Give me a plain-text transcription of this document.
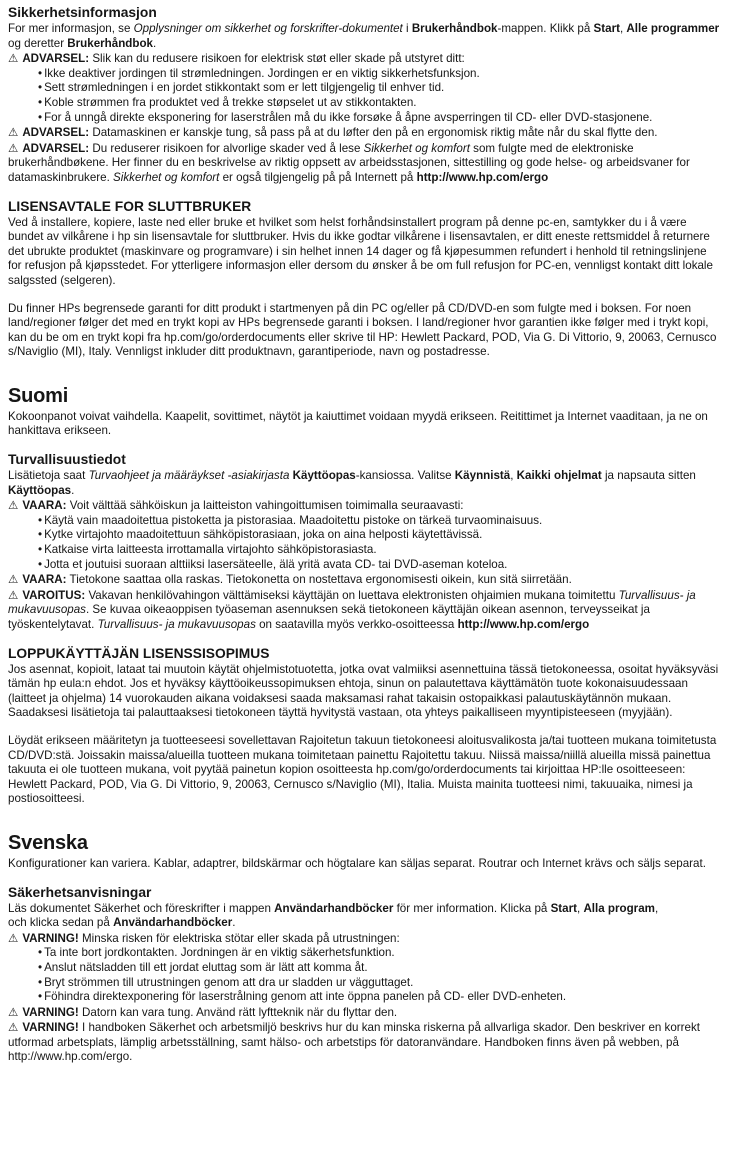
Sikkerhetsinformasjon
For mer informasjon, se Opplysninger om sikkerhet og forskrifter-dokumentet i Brukerhåndbok-mappen. Klikk på Start, Alle programmer og deretter Brukerhåndbok.
⚠ ADVARSEL: Slik kan du redusere risikoen for elektrisk støt eller skade på utstyret ditt:
• Ikke deaktiver jordingen til strømledningen. Jordingen er en viktig sikkerhetsfunksjon.
• Sett strømledningen i en jordet stikkontakt som er lett tilgjengelig til enhver tid.
• Koble strømmen fra produktet ved å trekke støpselet ut av stikkontakten.
• For å unngå direkte eksponering for laserstrålen må du ikke forsøke å åpne avsperringen til CD- eller DVD-stasjonene.
⚠ ADVARSEL: Datamaskinen er kanskje tung, så pass på at du løfter den på en ergonomisk riktig måte når du skal flytte den.
⚠ ADVARSEL: Du reduserer risikoen for alvorlige skader ved å lese Sikkerhet og komfort som fulgte med de elektroniske brukerhåndbøkene. Her finner du en beskrivelse av riktig oppsett av arbeidsstasjonen, sittestilling og gode helse- og arbeidsvaner for datamaskinbrukere. Sikkerhet og komfort er også tilgjengelig på på Internett på http://www.hp.com/ergo
LISENSAVTALE FOR SLUTTBRUKER
Ved å installere, kopiere, laste ned eller bruke et hvilket som helst forhåndsinstallert program på denne pc-en, samtykker du i å være bundet av vilkårene i hp sin lisensavtale for sluttbruker. Hvis du ikke godtar vilkårene i lisensavtalen, er ditt eneste rettsmiddel å returnere det ubrukte produktet (maskinvare og programvare) i sin helhet innen 14 dager og få kjøpesummen refundert i henhold til retningslinjene for refusjon på kjøpsstedet. For ytterligere informasjon eller dersom du ønsker å be om full refusjon for PC-en, vennligst kontakt ditt lokale salgssted (selgeren).
Du finner HPs begrensede garanti for ditt produkt i startmenyen på din PC og/eller på CD/DVD-en som fulgte med i boksen. For noen land/regioner følger det med en trykt kopi av HPs begrensede garanti i boksen. I land/regioner hvor garantien ikke følger med i trykt kopi, kan du be om en trykt kopi fra hp.com/go/orderdocuments eller skrive til HP: Hewlett Packard, POD, Via G. Di Vittorio, 9, 20063, Cernusco s/Naviglio (MI), Italy. Vennligst inkluder ditt produktnavn, garantiperiode, navn og postadresse.
Suomi
Kokoonpanot voivat vaihdella. Kaapelit, sovittimet, näytöt ja kaiuttimet voidaan myydä erikseen. Reitittimet ja Internet vaaditaan, ja ne on hankittava erikseen.
Turvallisuustiedot
Lisätietoja saat Turvaohjeet ja määräykset -asiakirjasta Käyttöopas-kansiossa. Valitse Käynnistä, Kaikki ohjelmat ja napsauta sitten Käyttöopas.
⚠ VAARA: Voit välttää sähköiskun ja laitteiston vahingoittumisen toimimalla seuraavasti:
• Käytä vain maadoitettua pistoketta ja pistorasiaa. Maadoitettu pistoke on tärkeä turvaominaisuus.
• Kytke virtajohto maadoitettuun sähköpistorasiaan, joka on aina helposti käytettävissä.
• Katkaise virta laitteesta irrottamalla virtajohto sähköpistorasiasta.
• Jotta et joutuisi suoraan alttiiksi lasersäteelle, älä yritä avata CD- tai DVD-aseman koteloa.
⚠ VAARA: Tietokone saattaa olla raskas. Tietokonetta on nostettava ergonomisesti oikein, kun sitä siirretään.
⚠ VAROITUS: Vakavan henkilövahingon välttämiseksi käyttäjän on luettava elektronisten ohjaimien mukana toimitettu Turvallisuus- ja mukavuusopas. Se kuvaa oikeaoppisen työaseman asennuksen sekä tietokoneen käyttäjän oikean asennon, terveysseikat ja työskentelytavat. Turvallisuus- ja mukavuusopas on saatavilla myös verkko-osoitteessa http://www.hp.com/ergo
LOPPUKÄYTTÄJÄN LISENSSISOPIMUS
Jos asennat, kopioit, lataat tai muutoin käytät ohjelmistotuotetta, jotka ovat valmiiksi asennettuina tässä tietokoneessa, osoitat hyväksyväsi tämän hp eula:n ehdot. Jos et hyväksy käyttöoikeussopimuksen ehtoja, sinun on palautettava käyttämätön tuote kokonaisuudessaan (laitteet ja ohjelma) 14 vuorokauden aikana voidaksesi saada maksamasi rahat takaisin ostopaikkasi palautuskäytännön mukaan. Saadaksesi lisätietoja tai palauttaaksesi tietokoneen täyttä hyvitystä vastaan, ota yhteys paikalliseen myyntipisteeseen (myyjään).
Löydät erikseen määritetyn ja tuotteeseesi sovellettavan Rajoitetun takuun tietokoneesi aloitusvalikosta ja/tai tuotteen mukana toimitetusta CD/DVD:stä. Joissakin maissa/alueilla tuotteen mukana toimitetaan painettu Rajoitettu takuu. Niissä maissa/niillä alueilla missä painettua takuuta ei ole tuotteen mukana, voit pyytää painetun kopion osoitteesta hp.com/go/orderdocuments tai kirjoittaa HP:lle osoitteeseen: Hewlett Packard, POD, Via G. Di Vittorio, 9, 20063, Cernusco s/Naviglio (MI), Italia. Muista mainita tuotteesi nimi, takuuaika, nimesi ja postiosoitteesi.
Svenska
Konfigurationer kan variera. Kablar, adaptrer, bildskärmar och högtalare kan säljas separat. Routrar och Internet krävs och säljs separat.
Säkerhetsanvisningar
Läs dokumentet Säkerhet och föreskrifter i mappen Användarhandböcker för mer information. Klicka på Start, Alla program,
och klicka sedan på Användarhandböcker.
⚠ VARNING! Minska risken för elektriska stötar eller skada på utrustningen:
• Ta inte bort jordkontakten. Jordningen är en viktig säkerhetsfunktion.
• Anslut nätsladden till ett jordat eluttag som är lätt att komma åt.
• Bryt strömmen till utrustningen genom att dra ur sladden ur vägguttaget.
• Föhindra direktexponering för laserstrålning genom att inte öppna panelen på CD- eller DVD-enheten.
⚠ VARNING! Datorn kan vara tung. Använd rätt lyftteknik när du flyttar den.
⚠ VARNING! I handboken Säkerhet och arbetsmiljö beskrivs hur du kan minska riskerna på allvarliga skador. Den beskriver en korrekt utformad arbetsplats, lämplig arbetsställning, samt hälso- och arbetstips för datoranvändare. Handboken finns även på webben, på http://www.hp.com/ergo.
